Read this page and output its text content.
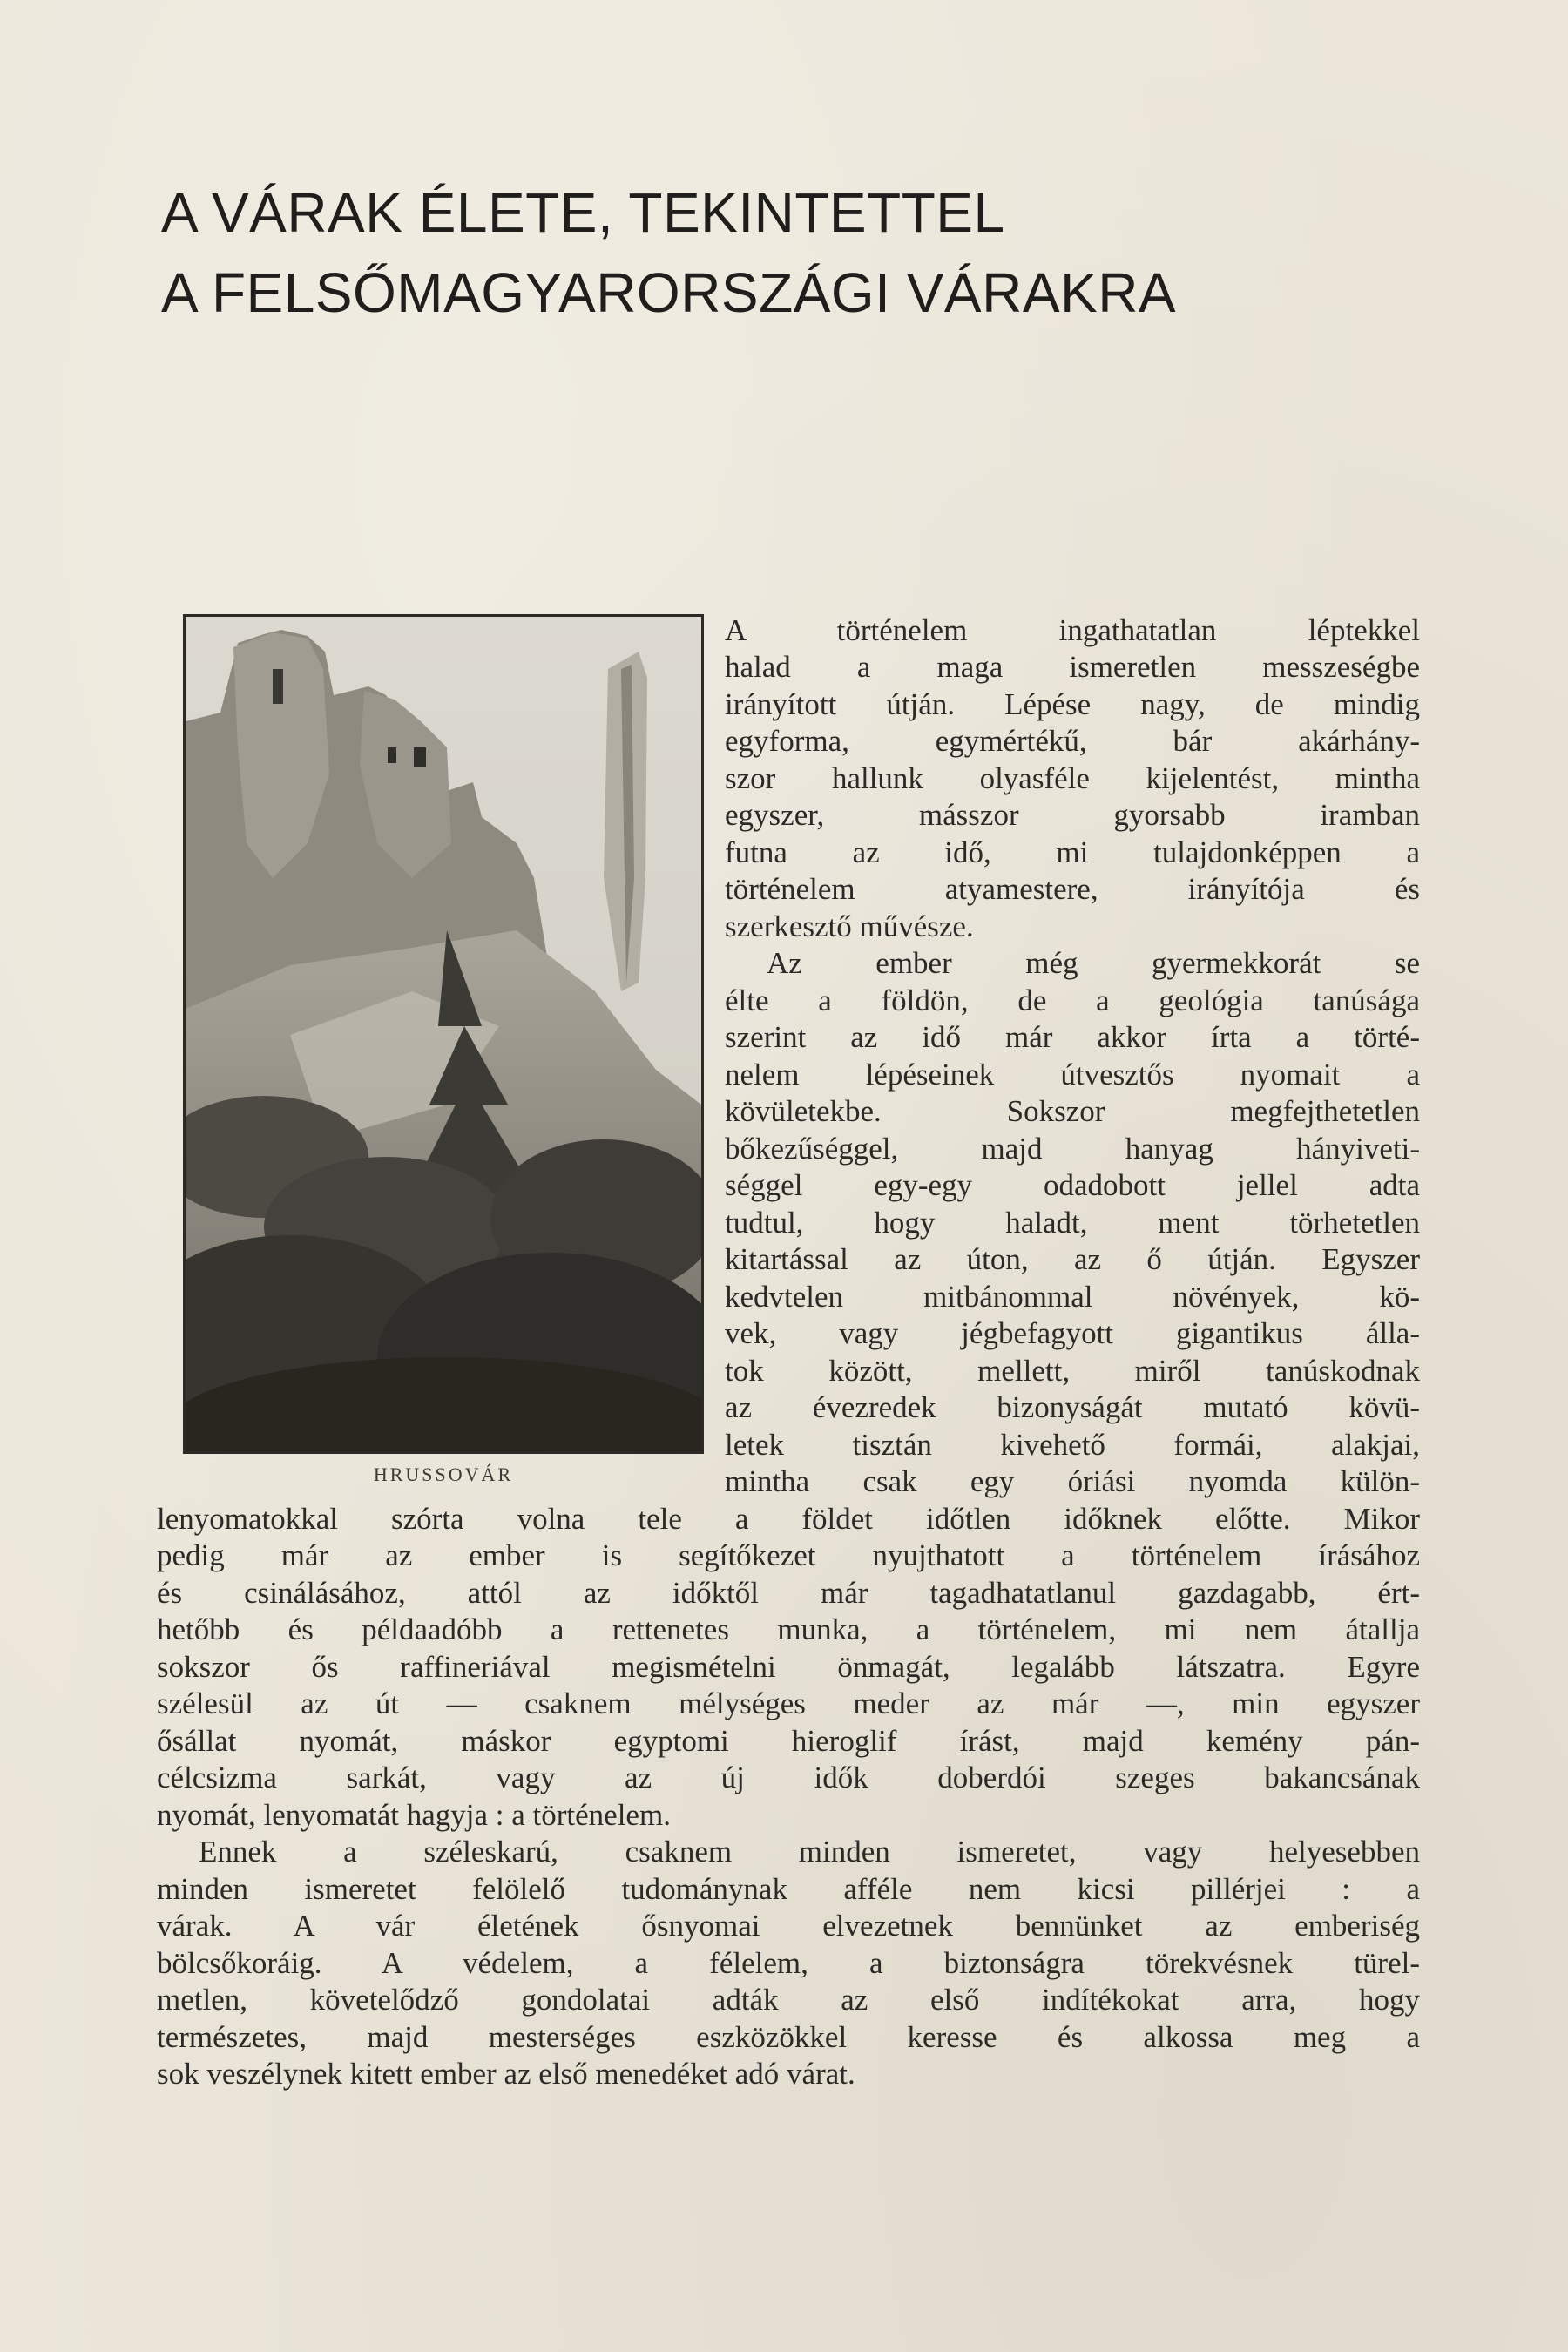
A VÁRAK ÉLETE, TEKINTETTEL
A FELSŐMAGYARORSZÁGI VÁRAKRA
HRUSSOVÁR
A történelem ingathatatlan léptekkel
halad a maga ismeretlen messzeségbe
irányított útján. Lépése nagy, de mindig
egyforma, egymértékű, bár akárhány-
szor hallunk olyasféle kijelentést, mintha
egyszer, másszor gyorsabb iramban
futna az idő, mi tulajdonképpen a
történelem atyamestere, irányítója és
szerkesztő művésze.
Az ember még gyermekkorát se
élte a földön, de a geológia tanúsága
szerint az idő már akkor írta a törté-
nelem lépéseinek útvesztős nyomait a
kövületekbe. Sokszor megfejthetetlen
bőkezűséggel, majd hanyag hányiveti-
séggel egy-egy odadobott jellel adta
tudtul, hogy haladt, ment törhetetlen
kitartással az úton, az ő útján. Egyszer
kedvtelen mitbánommal növények, kö-
vek, vagy jégbefagyott gigantikus álla-
tok között, mellett, miről tanúskodnak
az évezredek bizonyságát mutató kövü-
letek tisztán kivehető formái, alakjai,
mintha csak egy óriási nyomda külön-
lenyomatokkal szórta volna tele a földet időtlen időknek előtte. Mikor
pedig már az ember is segítőkezet nyujthatott a történelem írásához
és csinálásához, attól az időktől már tagadhatatlanul gazdagabb, ért-
hetőbb és példaadóbb a rettenetes munka, a történelem, mi nem átallja
sokszor ős raffineriával megismételni önmagát, legalább látszatra. Egyre
szélesül az út — csaknem mélységes meder az már —, min egyszer
ősállat nyomát, máskor egyptomi hieroglif írást, majd kemény pán-
célcsizma sarkát, vagy az új idők doberdói szeges bakancsának
nyomát, lenyomatát hagyja : a történelem.
Ennek a széleskarú, csaknem minden ismeretet, vagy helyesebben
minden ismeretet felölelő tudománynak afféle nem kicsi pillérjei : a
várak. A vár életének ősnyomai elvezetnek bennünket az emberiség
bölcsőkoráig. A védelem, a félelem, a biztonságra törekvésnek türel-
metlen, követelődző gondolatai adták az első indítékokat arra, hogy
természetes, majd mesterséges eszközökkel keresse és alkossa meg a
sok veszélynek kitett ember az első menedéket adó várat.
